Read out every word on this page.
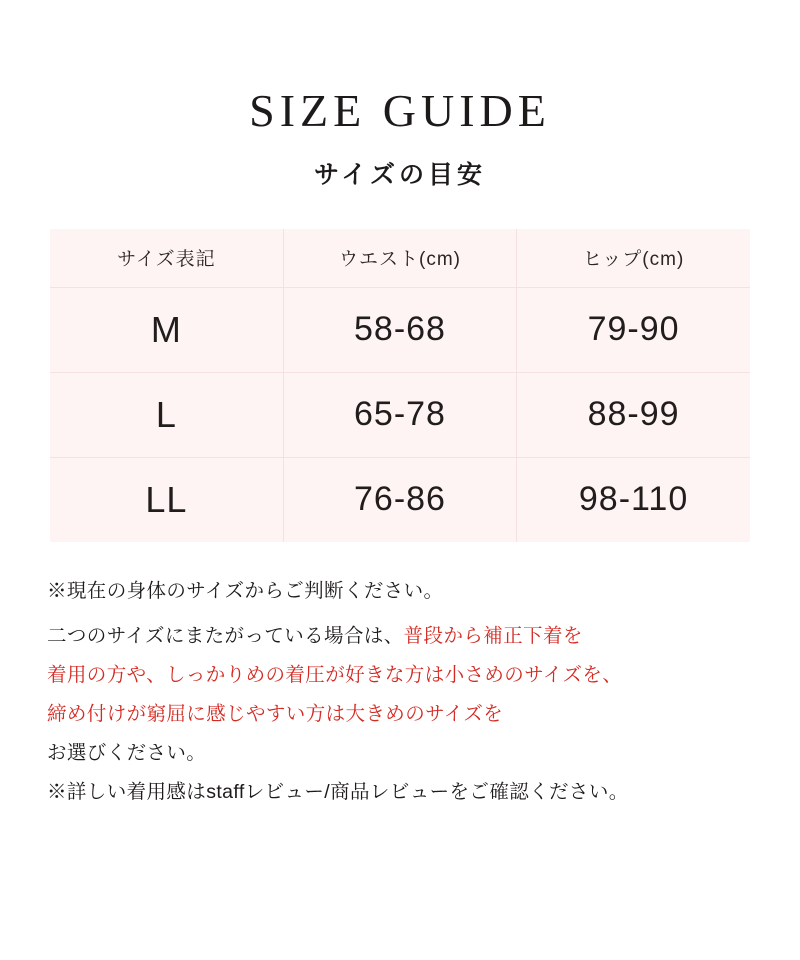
SIZE GUIDE
サイズの目安
サイズ表記	ウエスト(cm)	ヒップ(cm)
M	58-68	79-90
L	65-78	88-99
LL	76-86	98-110

※現在の身体のサイズからご判断ください。

二つのサイズにまたがっている場合は、普段から補正下着を

着用の方や、しっかりめの着圧が好きな方は小さめのサイズを、

締め付けが窮屈に感じやすい方は大きめのサイズを

お選びください。

※詳しい着用感はstaffレビュー/商品レビューをご確認ください。
